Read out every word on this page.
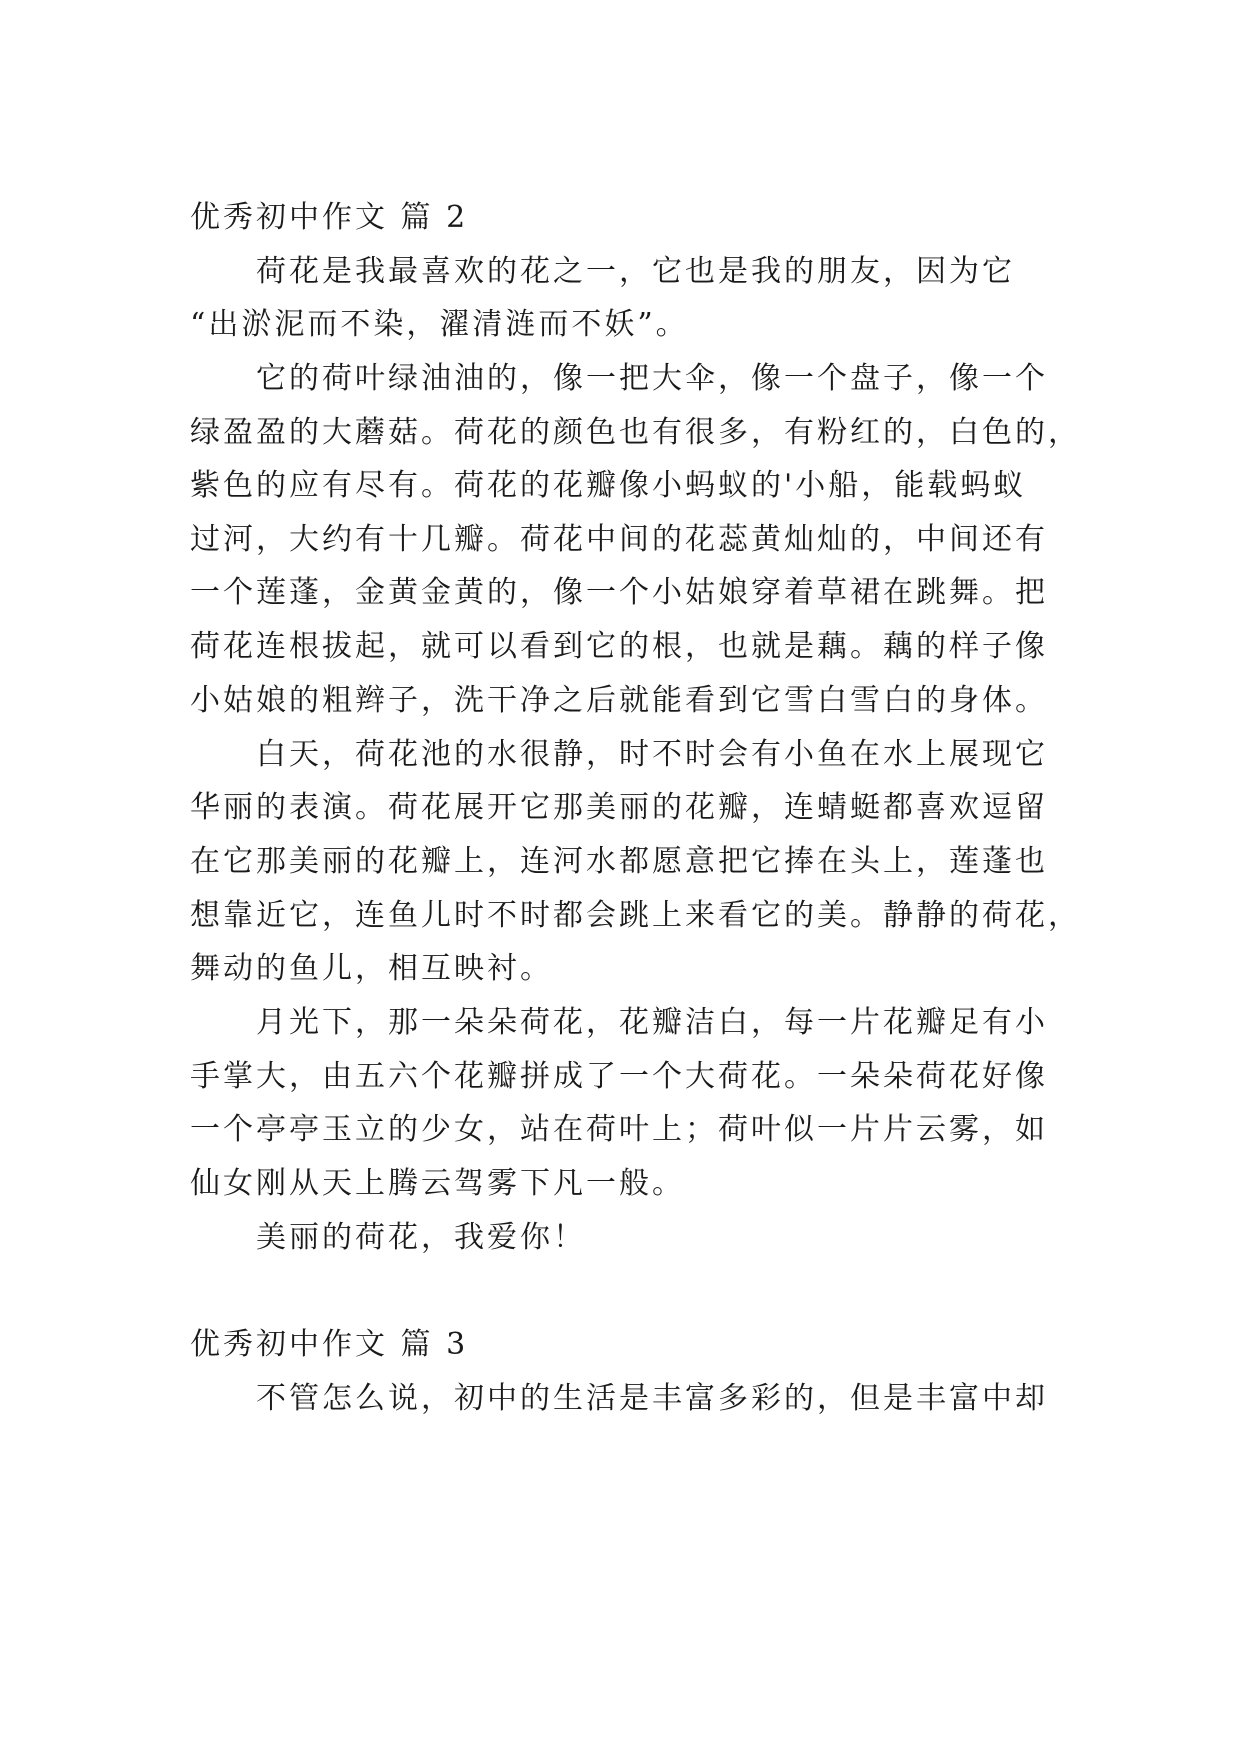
优秀初中作文 篇 2
荷花是我最喜欢的花之一，它也是我的朋友，因为它
“出淤泥而不染，濯清涟而不妖”。
它的荷叶绿油油的，像一把大伞，像一个盘子，像一个
绿盈盈的大蘑菇。荷花的颜色也有很多，有粉红的，白色的，
紫色的应有尽有。荷花的花瓣像小蚂蚁的'小船，能载蚂蚁
过河，大约有十几瓣。荷花中间的花蕊黄灿灿的，中间还有
一个莲蓬，金黄金黄的，像一个小姑娘穿着草裙在跳舞。把
荷花连根拔起，就可以看到它的根，也就是藕。藕的样子像
小姑娘的粗辫子，洗干净之后就能看到它雪白雪白的身体。
白天，荷花池的水很静，时不时会有小鱼在水上展现它
华丽的表演。荷花展开它那美丽的花瓣，连蜻蜓都喜欢逗留
在它那美丽的花瓣上，连河水都愿意把它捧在头上，莲蓬也
想靠近它，连鱼儿时不时都会跳上来看它的美。静静的荷花，
舞动的鱼儿，相互映衬。
月光下，那一朵朵荷花，花瓣洁白，每一片花瓣足有小
手掌大，由五六个花瓣拼成了一个大荷花。一朵朵荷花好像
一个亭亭玉立的少女，站在荷叶上；荷叶似一片片云雾，如
仙女刚从天上腾云驾雾下凡一般。
美丽的荷花，我爱你！
优秀初中作文 篇 3
不管怎么说，初中的生活是丰富多彩的，但是丰富中却
